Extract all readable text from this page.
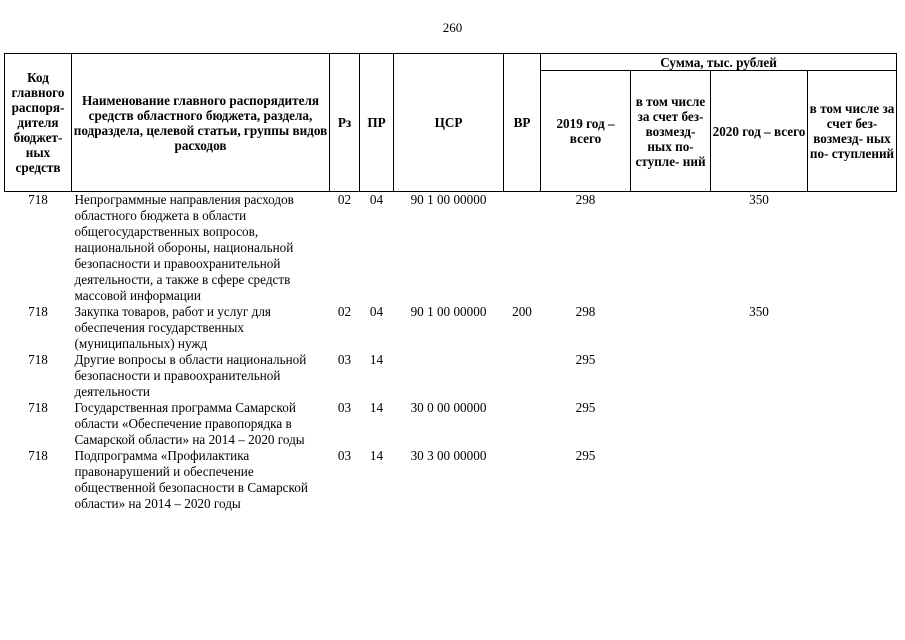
260
Код главного распоря- дителя бюджет- ных средств	Наименование главного распорядителя средств областного бюджета, раздела, подраздела, целевой статьи, группы видов расходов	Рз	ПР	ЦСР	ВР	Сумма, тыс. рублей			
						2019 год – всего	в том числе за счет без- возмезд- ных по- ступле- ний	2020 год – всего	в том числе за счет без- возмезд- ных по- ступлений
718	Непрограммные направления расходов областного бюджета в области общегосударственных вопросов, национальной обороны, национальной безопасности и правоохранительной деятельности, а также в сфере средств массовой информации	02	04	90 1 00 00000		298		350	
718	Закупка товаров, работ и услуг для обеспечения государственных (муниципальных) нужд	02	04	90 1 00 00000	200	298		350	
718	Другие вопросы в области национальной безопасности и правоохранительной деятельности	03	14			295			
718	Государственная программа Самарской области «Обеспечение правопорядка в Самарской области» на 2014 – 2020 годы	03	14	30 0 00 00000		295			
718	Подпрограмма «Профилактика правонарушений и обеспечение общественной безопасности в Самарской области» на 2014 – 2020 годы	03	14	30 3 00 00000		295			
